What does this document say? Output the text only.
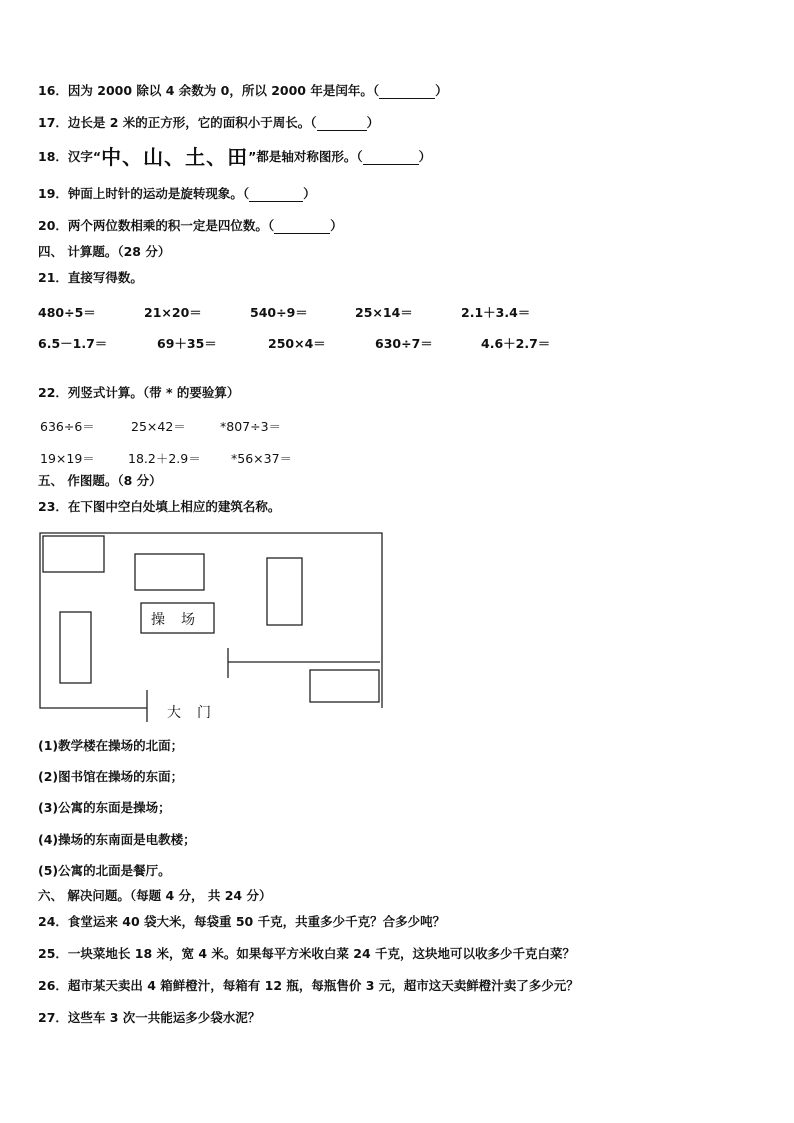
16．因为 2000 除以 4 余数为 0，所以 2000 年是闰年。（	）
17．边长是 2 米的正方形，它的面积小于周长。（	）
18．汉字“中、山、土、田”都是轴对称图形。（	）
19．钟面上时针的运动是旋转现象。（	）
20．两个两位数相乘的积一定是四位数。（	）
四、 计算题。（28 分）
21．直接写得数。
480÷5＝	21×20＝	540÷9＝	25×14＝	2.1＋3.4＝
6.5－1.7＝	69＋35＝	250×4＝	630÷7＝	4.6＋2.7＝
22．列竖式计算。（带 * 的要验算）
636÷6＝	25×42＝	*807÷3＝
19×19＝	18.2＋2.9＝ *56×37＝
五、 作图题。（8 分）
23．在下图中空白处填上相应的建筑名称。
操　场
大　门
(1)教学楼在操场的北面；
(2)图书馆在操场的东面；
(3)公寓的东面是操场；
(4)操场的东南面是电教楼；
(5)公寓的北面是餐厅。
六、 解决问题。（每题 4 分， 共 24 分）
24．食堂运来 40 袋大米，每袋重 50 千克，共重多少千克？合多少吨？
25．一块菜地长 18 米，宽 4 米。如果每平方米收白菜 24 千克，这块地可以收多少千克白菜？
26．超市某天卖出 4 箱鲜橙汁，每箱有 12 瓶，每瓶售价 3 元，超市这天卖鲜橙汁卖了多少元？
27．这些车 3 次一共能运多少袋水泥？
